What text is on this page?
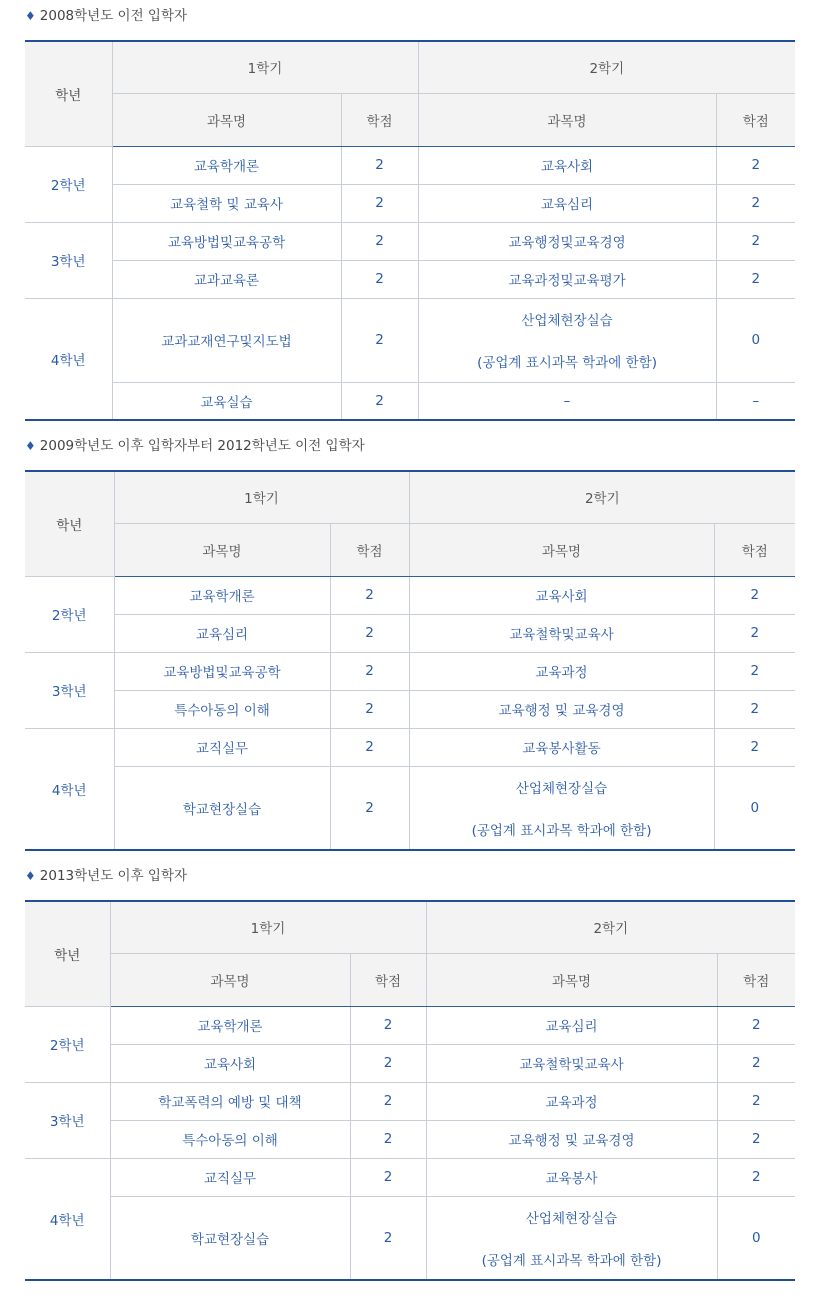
♦ 2008학년도 이전 입학자
학년	1학기		2학기	
	과목명	학점	과목명	학점
2학년	교육학개론	2	교육사회	2
	교육철학 및 교육사	2	교육심리	2
3학년	교육방법및교육공학	2	교육행정및교육경영	2
	교과교육론	2	교육과정및교육평가	2
4학년	교과교재연구및지도법	2	산업체현장실습
(공업계 표시과목 학과에 한함)	0
	교육실습	2	–	–
♦ 2009학년도 이후 입학자부터 2012학년도 이전 입학자
학년	1학기		2학기	
	과목명	학점	과목명	학점
2학년	교육학개론	2	교육사회	2
	교육심리	2	교육철학및교육사	2
3학년	교육방법및교육공학	2	교육과정	2
	특수아동의 이해	2	교육행정 및 교육경영	2
4학년	교직실무	2	교육봉사활동	2
	학교현장실습	2	산업체현장실습
(공업계 표시과목 학과에 한함)	0
♦ 2013학년도 이후 입학자
학년	1학기		2학기	
	과목명	학점	과목명	학점
2학년	교육학개론	2	교육심리	2
	교육사회	2	교육철학및교육사	2
3학년	학교폭력의 예방 및 대책	2	교육과정	2
	특수아동의 이해	2	교육행정 및 교육경영	2
4학년	교직실무	2	교육봉사	2
	학교현장실습	2	산업체현장실습
(공업계 표시과목 학과에 한함)	0
